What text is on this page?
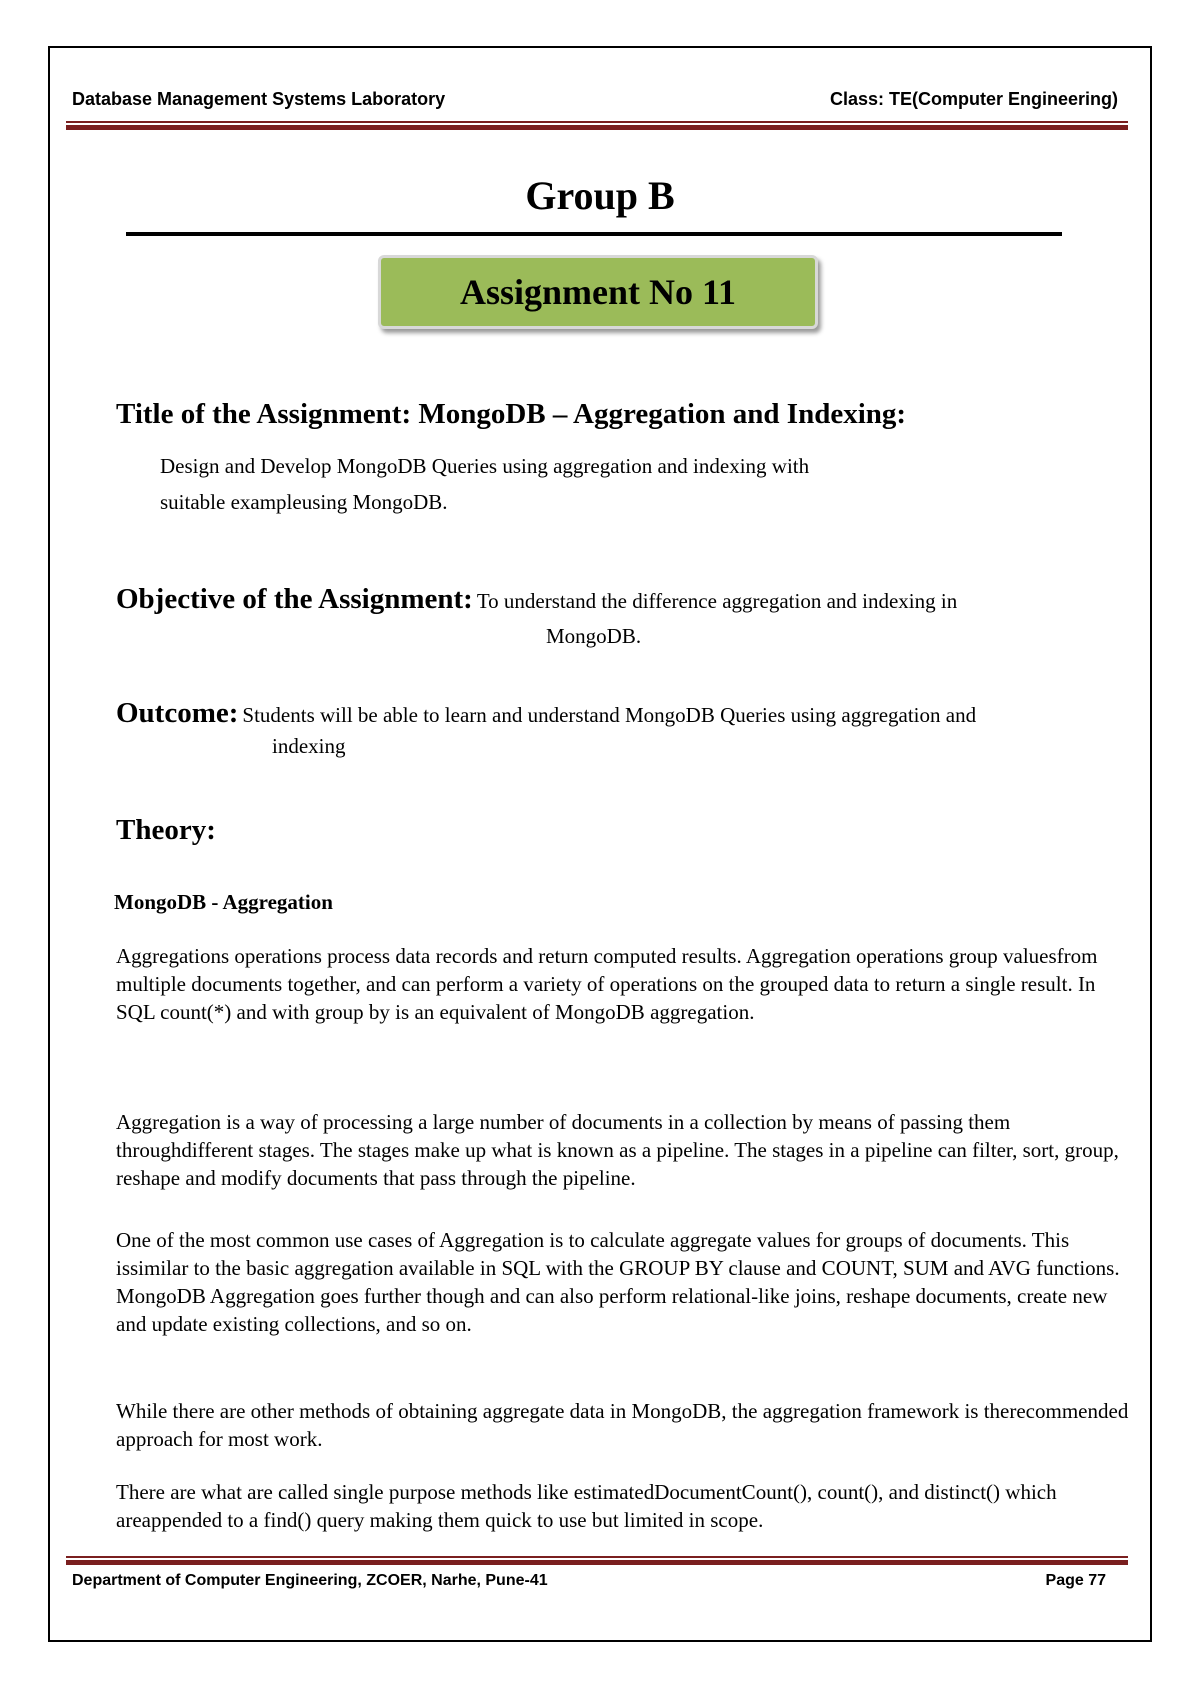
Database Management Systems Laboratory	Class: TE(Computer Engineering)
Group B
Assignment No 11
Title of the Assignment: MongoDB – Aggregation and Indexing:
Design and Develop MongoDB Queries using aggregation and indexing with
suitable exampleusing MongoDB.
Objective of the Assignment: To understand the difference aggregation and indexing in
MongoDB.
Outcome: Students will be able to learn and understand MongoDB Queries using aggregation and
indexing
Theory:
MongoDB - Aggregation

Aggregations operations process data records and return computed results. Aggregation operations group valuesfrom multiple documents together, and can perform a variety of operations on the grouped data to return a single result. In SQL count(*) and with group by is an equivalent of MongoDB aggregation.

Aggregation is a way of processing a large number of documents in a collection by means of passing them throughdifferent stages. The stages make up what is known as a pipeline. The stages in a pipeline can filter, sort, group, reshape and modify documents that pass through the pipeline.

One of the most common use cases of Aggregation is to calculate aggregate values for groups of documents. This issimilar to the basic aggregation available in SQL with the GROUP BY clause and COUNT, SUM and AVG functions. MongoDB Aggregation goes further though and can also perform relational-like joins, reshape documents, create new and update existing collections, and so on.

While there are other methods of obtaining aggregate data in MongoDB, the aggregation framework is therecommended approach for most work.

There are what are called single purpose methods like estimatedDocumentCount(), count(), and distinct() which areappended to a find() query making them quick to use but limited in scope.

Department of Computer Engineering, ZCOER, Narhe, Pune-41	Page 77
